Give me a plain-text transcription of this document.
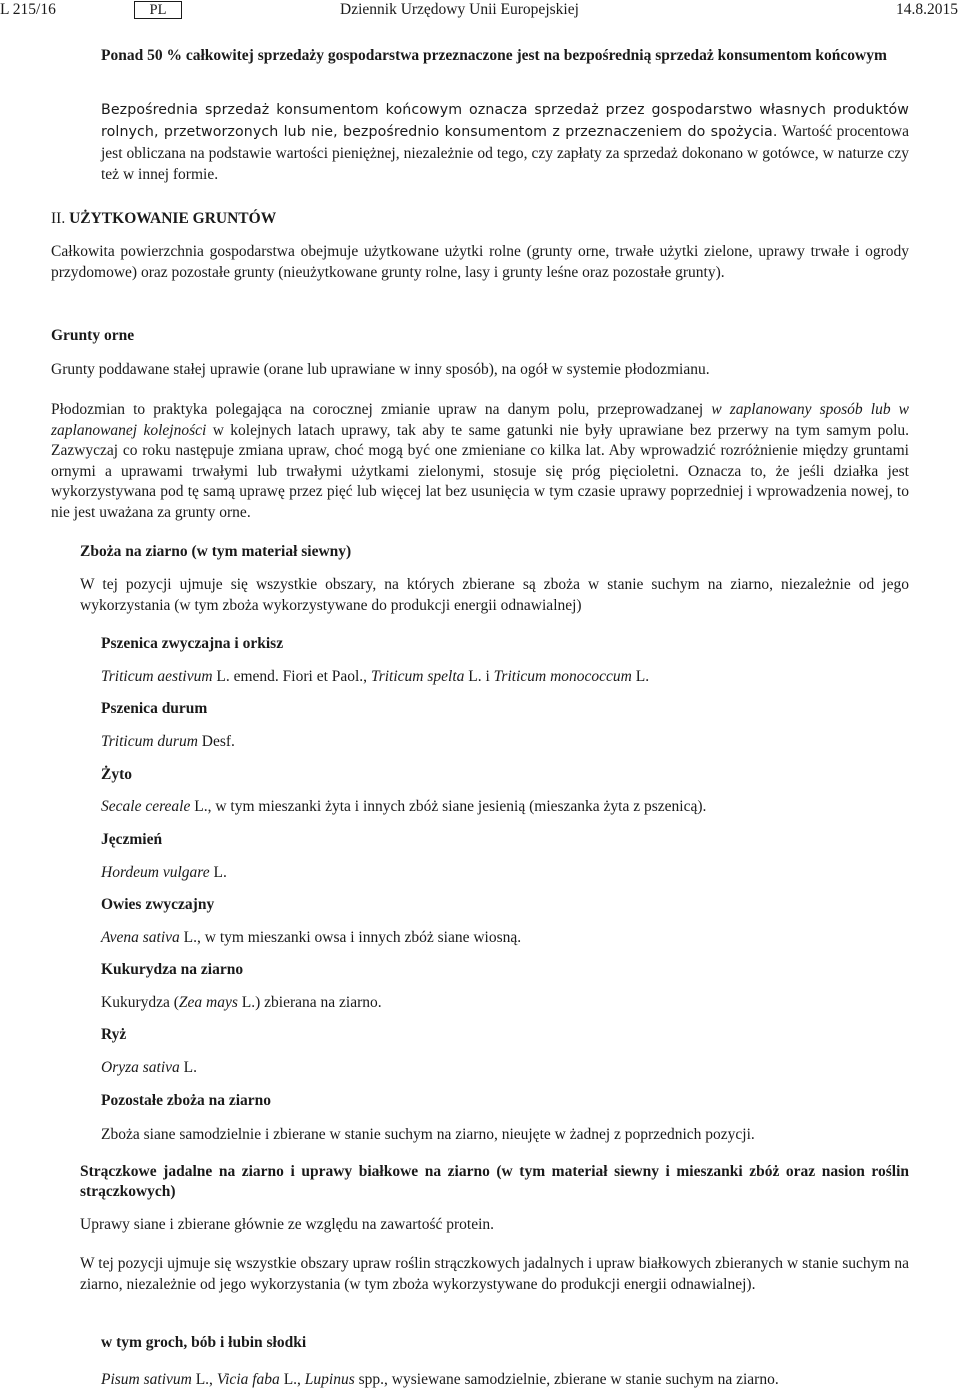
L 215/16	PL	Dziennik Urzędowy Unii Europejskiej	14.8.2015
Ponad 50 % całkowitej sprzedaży gospodarstwa przeznaczone jest na bezpośrednią sprzedaż konsumentom końcowym
Bezpośrednia sprzedaż konsumentom końcowym oznacza sprzedaż przez gospodarstwo własnych produktów rolnych, przetworzonych lub nie, bezpośrednio konsumentom z przeznaczeniem do spożycia. Wartość procentowa jest obliczana na podstawie wartości pieniężnej, niezależnie od tego, czy zapłaty za sprzedaż dokonano w gotówce, w naturze czy też w innej formie.
II. UŻYTKOWANIE GRUNTÓW
Całkowita powierzchnia gospodarstwa obejmuje użytkowane użytki rolne (grunty orne, trwałe użytki zielone, uprawy trwałe i ogrody przydomowe) oraz pozostałe grunty (nieużytkowane grunty rolne, lasy i grunty leśne oraz pozostałe grunty).
Grunty orne
Grunty poddawane stałej uprawie (orane lub uprawiane w inny sposób), na ogół w systemie płodozmianu.
Płodozmian to praktyka polegająca na corocznej zmianie upraw na danym polu, przeprowadzanej w zaplanowany sposób lub w zaplanowanej kolejności w kolejnych latach uprawy, tak aby te same gatunki nie były uprawiane bez przerwy na tym samym polu. Zazwyczaj co roku następuje zmiana upraw, choć mogą być one zmieniane co kilka lat. Aby wprowadzić rozróżnienie między gruntami ornymi a uprawami trwałymi lub trwałymi użytkami zielonymi, stosuje się próg pięcioletni. Oznacza to, że jeśli działka jest wykorzystywana pod tę samą uprawę przez pięć lub więcej lat bez usunięcia w tym czasie uprawy poprzedniej i wprowadzenia nowej, to nie jest uważana za grunty orne.
Zboża na ziarno (w tym materiał siewny)
W tej pozycji ujmuje się wszystkie obszary, na których zbierane są zboża w stanie suchym na ziarno, niezależnie od jego wykorzystania (w tym zboża wykorzystywane do produkcji energii odnawialnej)
Pszenica zwyczajna i orkisz
Triticum aestivum L. emend. Fiori et Paol., Triticum spelta L. i Triticum monococcum L.
Pszenica durum
Triticum durum Desf.
Żyto
Secale cereale L., w tym mieszanki żyta i innych zbóż siane jesienią (mieszanka żyta z pszenicą).
Jęczmień
Hordeum vulgare L.
Owies zwyczajny
Avena sativa L., w tym mieszanki owsa i innych zbóż siane wiosną.
Kukurydza na ziarno
Kukurydza (Zea mays L.) zbierana na ziarno.
Ryż
Oryza sativa L.
Pozostałe zboża na ziarno
Zboża siane samodzielnie i zbierane w stanie suchym na ziarno, nieujęte w żadnej z poprzednich pozycji.
Strączkowe jadalne na ziarno i uprawy białkowe na ziarno (w tym materiał siewny i mieszanki zbóż oraz nasion roślin strączkowych)
Uprawy siane i zbierane głównie ze względu na zawartość protein.
W tej pozycji ujmuje się wszystkie obszary upraw roślin strączkowych jadalnych i upraw białkowych zbieranych w stanie suchym na ziarno, niezależnie od jego wykorzystania (w tym zboża wykorzystywane do produkcji energii odnawialnej).
w tym groch, bób i łubin słodki
Pisum sativum L., Vicia faba L., Lupinus spp., wysiewane samodzielnie, zbierane w stanie suchym na ziarno.
